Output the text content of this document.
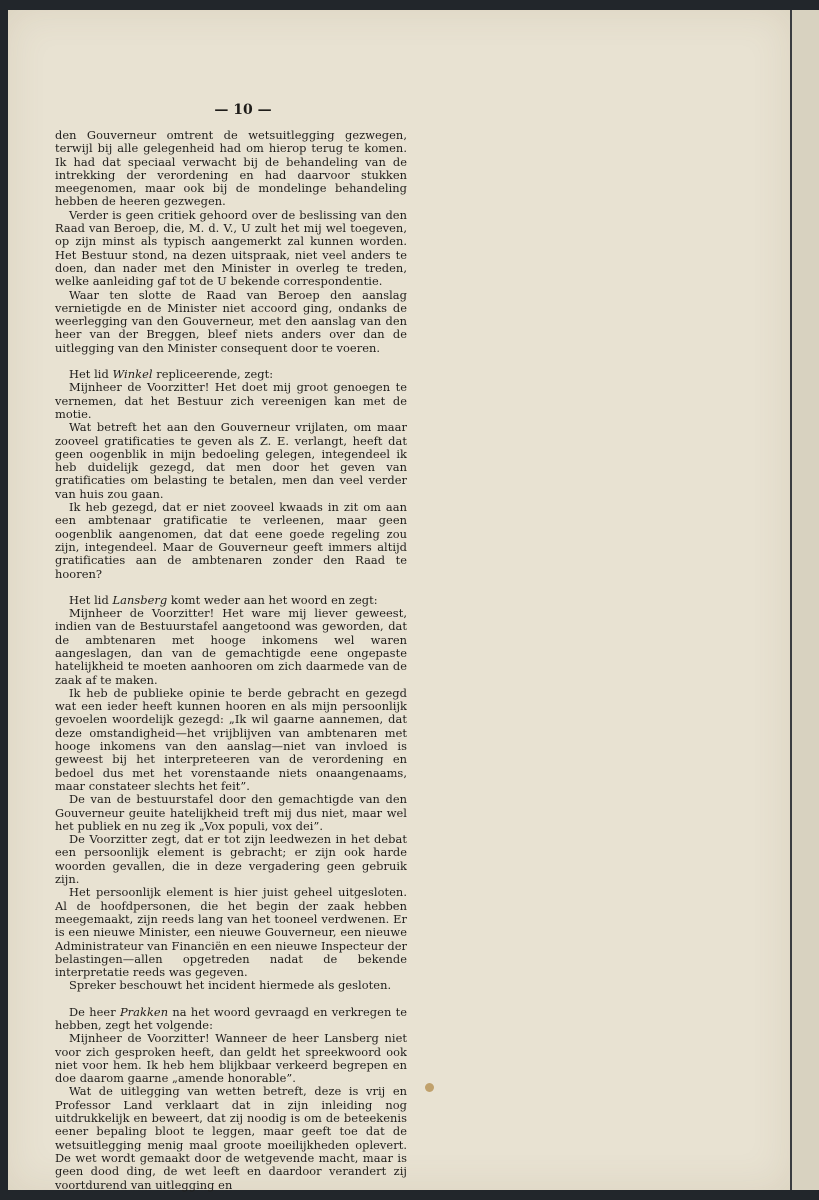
— 10 —

den Gouverneur omtrent de wetsuitlegging gezwegen, terwijl bij alle gelegenheid had om hierop terug te komen. Ik had dat speciaal verwacht bij de behandeling van de intrekking der verordening en had daarvoor stukken meegenomen, maar ook bij de mondelinge behandeling hebben de heeren gezwegen.

Verder is geen critiek gehoord over de beslissing van den Raad van Beroep, die, M. d. V., U zult het mij wel toegeven, op zijn minst als typisch aangemerkt zal kunnen worden. Het Bestuur stond, na dezen uitspraak, niet veel anders te doen, dan nader met den Minister in overleg te treden, welke aanleiding gaf tot de U bekende correspondentie.

Waar ten slotte de Raad van Beroep den aanslag vernietigde en de Minister niet accoord ging, ondanks de weerlegging van den Gouverneur, met den aanslag van den heer van der Breggen, bleef niets anders over dan de uitlegging van den Minister consequent door te voeren.

Het lid Winkel repliceerende, zegt:

Mijnheer de Voorzitter! Het doet mij groot genoegen te vernemen, dat het Bestuur zich vereenigen kan met de motie.

Wat betreft het aan den Gouverneur vrijlaten, om maar zooveel gratificaties te geven als Z. E. verlangt, heeft dat geen oogenblik in mijn bedoeling gelegen, integendeel ik heb duidelijk gezegd, dat men door het geven van gratificaties om belasting te betalen, men dan veel verder van huis zou gaan.

Ik heb gezegd, dat er niet zooveel kwaads in zit om aan een ambtenaar gratificatie te verleenen, maar geen oogenblik aangenomen, dat dat eene goede regeling zou zijn, integendeel. Maar de Gouverneur geeft immers altijd gratificaties aan de ambtenaren zonder den Raad te hooren?

Het lid Lansberg komt weder aan het woord en zegt:

Mijnheer de Voorzitter! Het ware mij liever geweest, indien van de Bestuurstafel aangetoond was geworden, dat de ambtenaren met hooge inkomens wel waren aangeslagen, dan van de gemachtigde eene ongepaste hatelijkheid te moeten aanhooren om zich daarmede van de zaak af te maken.

Ik heb de publieke opinie te berde gebracht en gezegd wat een ieder heeft kunnen hooren en als mijn persoonlijk gevoelen woordelijk gezegd: „Ik wil gaarne aannemen, dat deze omstandigheid—het vrijblijven van ambtenaren met hooge inkomens van den aanslag—niet van invloed is geweest bij het interpreteeren van de verordening en bedoel dus met het vorenstaande niets onaangenaams, maar constateer slechts het feit”.

De van de bestuurstafel door den gemachtigde van den Gouverneur geuite hatelijkheid treft mij dus niet, maar wel het publiek en nu zeg ik „Vox populi, vox dei”.

De Voorzitter zegt, dat er tot zijn leedwezen in het debat een persoonlijk element is gebracht; er zijn ook harde woorden gevallen, die in deze vergadering geen gebruik zijn.

Het persoonlijk element is hier juist geheel uitgesloten. Al de hoofdpersonen, die het begin der zaak hebben meegemaakt, zijn reeds lang van het tooneel verdwenen. Er is een nieuwe Minister, een nieuwe Gouverneur, een nieuwe Administrateur van Financiën en een nieuwe Inspecteur der belastingen—allen opgetreden nadat de bekende interpretatie reeds was gegeven.

Spreker beschouwt het incident hiermede als gesloten.

De heer Prakken na het woord gevraagd en verkregen te hebben, zegt het volgende:

Mijnheer de Voorzitter! Wanneer de heer Lansberg niet voor zich gesproken heeft, dan geldt het spreekwoord ook niet voor hem. Ik heb hem blijkbaar verkeerd begrepen en doe daarom gaarne „amende honorable”.

Wat de uitlegging van wetten betreft, deze is vrij en Professor Land verklaart dat in zijn inleiding nog uitdrukkelijk en beweert, dat zij noodig is om de beteekenis eener bepaling bloot te leggen, maar geeft toe dat de wetsuitlegging menig maal groote moeilijkheden oplevert. De wet wordt gemaakt door de wetgevende macht, maar is geen dood ding, de wet leeft en daardoor verandert zij voortdurend van uitlegging en
